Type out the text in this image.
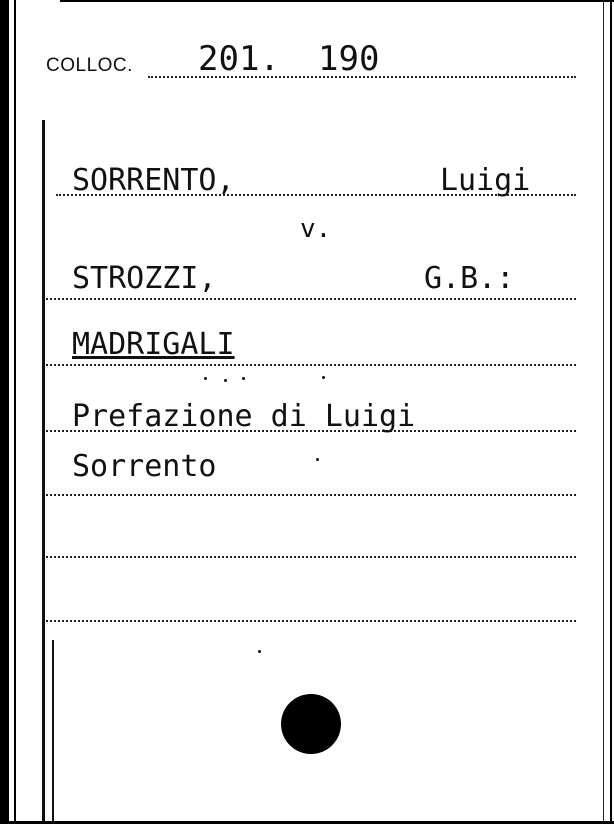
COLLOC. 201. 190
SORRENTO,	Luigi
v.
STROZZI,	G.B.:
MADRIGALI
Prefazione di Luigi
Sorrento
